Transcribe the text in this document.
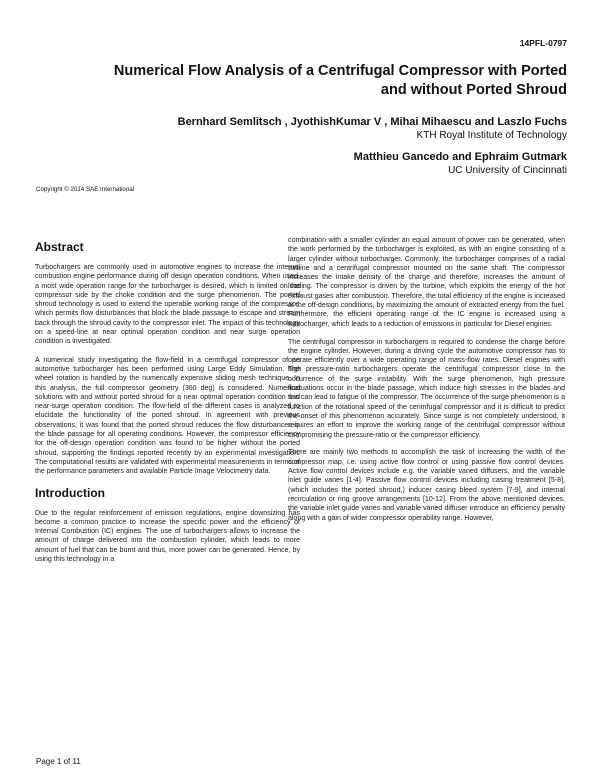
14PFL-0797
Numerical Flow Analysis of a Centrifugal Compressor with Ported and without Ported Shroud
Bernhard Semlitsch , JyothishKumar V , Mihai Mihaescu and Laszlo Fuchs
KTH Royal Institute of Technology
Matthieu Gancedo and Ephraim Gutmark
UC University of Cincinnati
Copyright © 2014 SAE International
Abstract

Turbochargers are commonly used in automotive engines to increase the internal combustion engine performance during off design operation conditions. When used, a most wide operation range for the turbocharger is desired, which is limited on the compressor side by the choke condition and the surge phenomenon. The ported shroud technology is used to extend the operable working range of the compressor, which permits flow disturbances that block the blade passage to escape and stream back through the shroud cavity to the compressor inlet. The impact of this technology on a speed-line at near optimal operation condition and near surge operation condition is investigated.

A numerical study investigating the flow-field in a centrifugal compressor of an automotive turbocharger has been performed using Large Eddy Simulation. The wheel rotation is handled by the numerically expensive sliding mesh technique. In this analysis, the full compressor geometry (360 deg) is considered. Numerical solutions with and without ported shroud for a near optimal operation condition and near-surge operation condition. The flow-field of the different cases is analyzed to elucidate the functionality of the ported shroud. In agreement with previous observations, it was found that the ported shroud reduces the flow disturbances in the blade passage for all operating conditions. However, the compressor efficiency for the off-design operation condition was found to be higher without the ported shroud, supporting the findings reported recently by an experimental investigation. The computational results are validated with experimental measurements in terms of the performance parameters and available Particle Image Velocimetry data.

Introduction

Due to the regular reinforcement of emission regulations, engine downsizing has become a common practice to increase the specific power and the efficiency of Internal Combustion (IC) engines. The use of turbochargers allows to increase the amount of charge delivered into the combustion cylinder, which leads to more amount of fuel that can be burnt and thus, more power can be generated. Hence, by using this technology in a

combination with a smaller cylinder an equal amount of power can be generated, when the work performed by the turbocharger is exploited, as with an engine consisting of a larger cylinder without turbocharger. Commonly, the turbocharger comprises of a radial turbine and a centrifugal compressor mounted on the same shaft. The compressor increases the intake density of the charge and therefore, increases the amount of loading. The compressor is driven by the turbine, which exploits the energy of the hot exhaust gases after combustion. Therefore, the total efficiency of the engine is increased at the off-design conditions, by maximizing the amount of extracted energy from the fuel. Furthermore, the efficient operating range of the IC engine is increased using a turbocharger, which leads to a reduction of emissions in particular for Diesel engines.

The centrifugal compressor in turbochargers is required to condense the charge before the engine cylinder. However, during a driving cycle the automotive compressor has to operate efficiently over a wide operating range of mass-flow rates. Diesel engines with high pressure-ratio turbochargers operate the centrifugal compressor close to the occurrence of the surge instability. With the surge phenomenon, high pressure fluctuations occur in the blade passage, which induce high stresses in the blades and this can lead to fatigue of the compressor. The occurrence of the surge phenomenon is a function of the rotational speed of the centrifugal compressor and it is difficult to predict the onset of this phenomenon accurately. Since surge is not completely understood, it requires an effort to improve the working range of the centrifugal compressor without compromising the pressure-ratio or the compressor efficiency.

There are mainly two methods to accomplish the task of increasing the width of the compressor map, i.e. using active flow control or using passive flow control devices. Active flow control devices include e.g. the variable vaned diffusers, and the variable inlet guide vanes [1-4]. Passive flow control devices including casing treatment [5-8], (which includes the ported shroud,) inducer casing bleed system [7-9], and internal recirculation or ring groove arrangements [10-12]. From the above mentioned devices, the variable inlet guide vanes and variable vaned diffuser introduce an efficiency penalty along with a gain of wider compressor operability range. However,

Page 1 of 11
